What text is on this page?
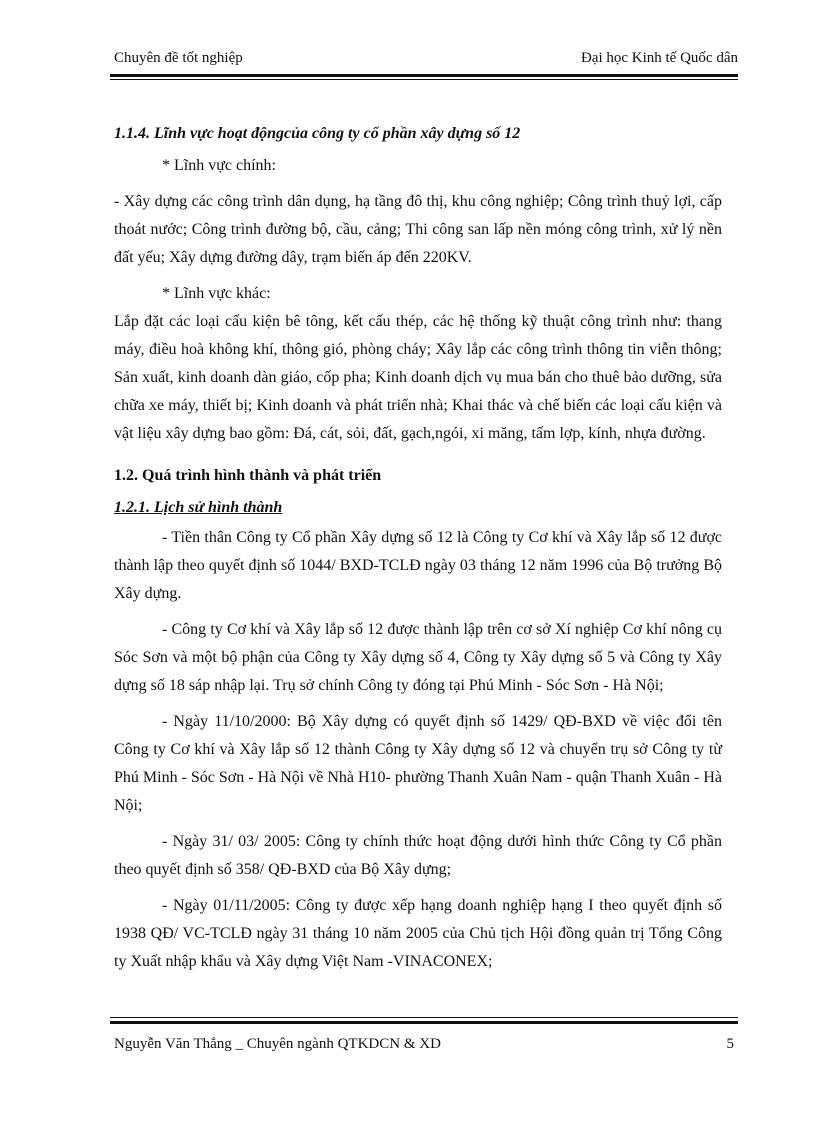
Chuyên đề tốt nghiệp	Đại học Kinh tế Quốc dân

1.1.4. Lĩnh vực hoạt độngcủa công ty cổ phần xây dựng số 12

* Lĩnh vực chính:

- Xây dựng các công trình dân dụng, hạ tầng đô thị, khu công nghiệp; Công trình thuỷ lợi, cấp thoát nước; Công trình đường bộ, cầu, cảng; Thi công san lấp nền móng công trình, xử lý nền đất yếu; Xây dựng đường dây, trạm biến áp đến 220KV.

* Lĩnh vực khác:

Lắp đặt các loại cấu kiện bê tông, kết cấu thép, các hệ thống kỹ thuật công trình như: thang máy, điều hoà không khí, thông gió, phòng cháy; Xây lắp các công trình thông tin viễn thông; Sản xuất, kinh doanh dàn giáo, cốp pha; Kinh doanh dịch vụ mua bán cho thuê bảo dưỡng, sửa chữa xe máy, thiết bị; Kinh doanh và phát triển nhà; Khai thác và chế biến các loại cấu kiện và vật liệu xây dựng bao gồm: Đá, cát, sỏi, đất, gạch,ngói, xi măng, tấm lợp, kính, nhựa đường.

1.2. Quá trình hình thành và phát triển

1.2.1. Lịch sử hình thành

- Tiền thân Công ty Cổ phần Xây dựng số 12 là Công ty Cơ khí và Xây lắp số 12 được thành lập theo quyết định số 1044/ BXD-TCLĐ ngày 03 tháng 12 năm 1996 của Bộ trưởng Bộ Xây dựng.

- Công ty Cơ khí và Xây lắp số 12 được thành lập trên cơ sở Xí nghiệp Cơ khí nông cụ Sóc Sơn và một bộ phận của Công ty Xây dựng số 4, Công ty Xây dựng số 5 và Công ty Xây dựng số 18 sáp nhập lại. Trụ sở chính Công ty đóng tại Phú Minh - Sóc Sơn - Hà Nội;

- Ngày 11/10/2000: Bộ Xây dựng có quyết định số 1429/ QĐ-BXD về việc đổi tên Công ty Cơ khí và Xây lắp số 12 thành Công ty Xây dựng số 12 và chuyển trụ sở Công ty từ Phú Minh - Sóc Sơn - Hà Nội về Nhà H10- phường Thanh Xuân Nam - quận Thanh Xuân - Hà Nội;

- Ngày 31/ 03/ 2005: Công ty chính thức hoạt động dưới hình thức Công ty Cổ phần theo quyết định số 358/ QĐ-BXD của Bộ Xây dựng;

- Ngày 01/11/2005: Công ty được xếp hạng doanh nghiệp hạng I theo quyết định số 1938 QĐ/ VC-TCLĐ ngày 31 tháng 10 năm 2005 của Chủ tịch Hội đồng quản trị Tổng Công ty Xuất nhập khẩu và Xây dựng Việt Nam -VINACONEX;

Nguyễn Văn Thắng _ Chuyên ngành QTKDCN & XD	5
